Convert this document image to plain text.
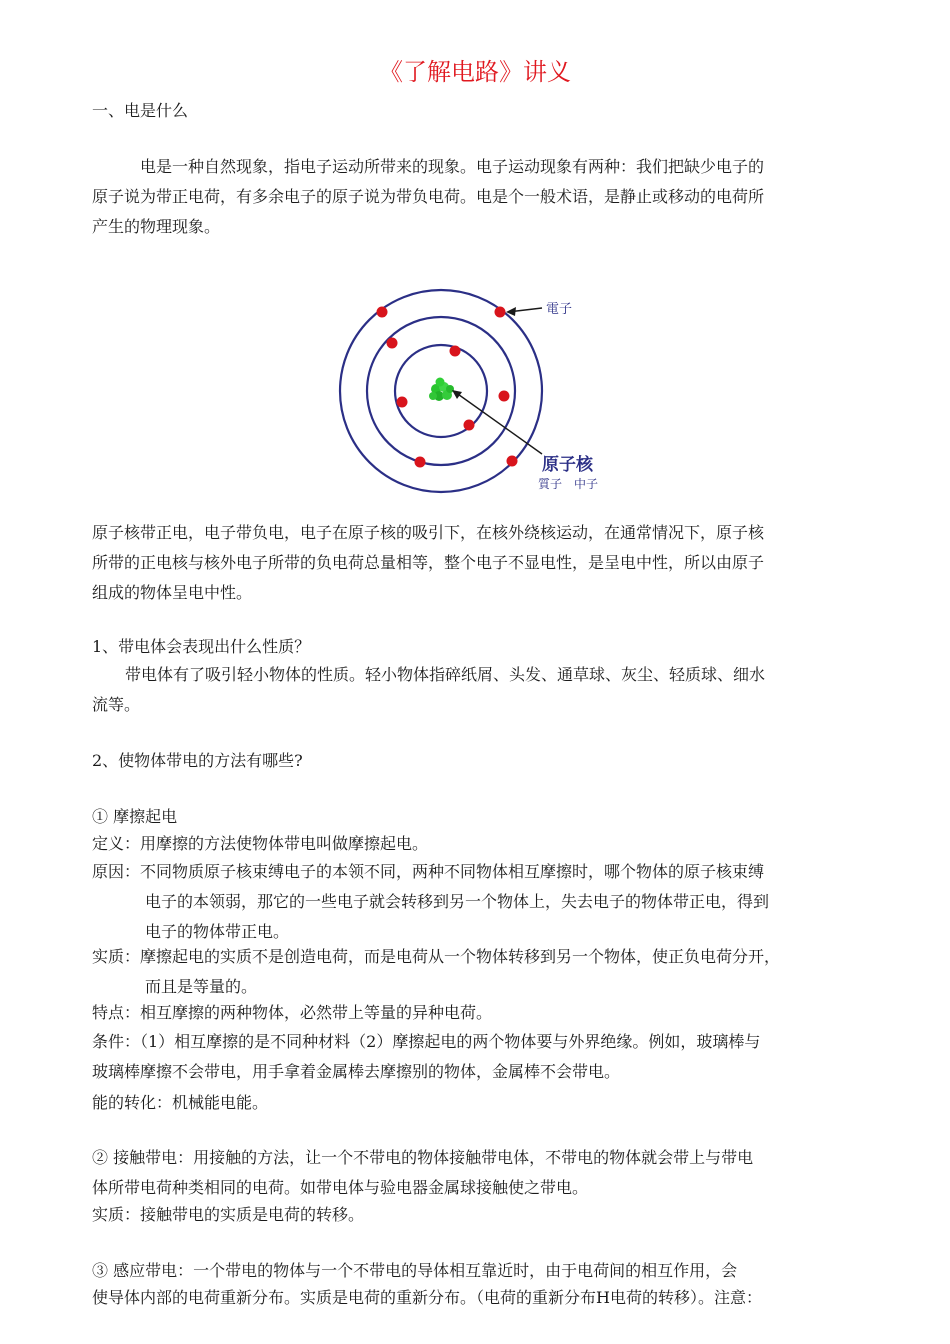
《了解电路》讲义
一、电是什么
电是一种自然现象，指电子运动所带来的现象。电子运动现象有两种：我们把缺少电子的
原子说为带正电荷，有多余电子的原子说为带负电荷。电是个一般术语，是静止或移动的电荷所
产生的物理现象。
電子
原子核
質子　中子
原子核带正电，电子带负电，电子在原子核的吸引下，在核外绕核运动，在通常情况下，原子核
所带的正电核与核外电子所带的负电荷总量相等，整个电子不显电性，是呈电中性，所以由原子
组成的物体呈电中性。
1、带电体会表现出什么性质？
带电体有了吸引轻小物体的性质。轻小物体指碎纸屑、头发、通草球、灰尘、轻质球、细水
流等。
2、使物体带电的方法有哪些?
① 摩擦起电
定义：用摩擦的方法使物体带电叫做摩擦起电。
原因：不同物质原子核束缚电子的本领不同，两种不同物体相互摩擦时，哪个物体的原子核束缚
电子的本领弱，那它的一些电子就会转移到另一个物体上，失去电子的物体带正电，得到
电子的物体带正电。
实质：摩擦起电的实质不是创造电荷，而是电荷从一个物体转移到另一个物体，使正负电荷分开，
而且是等量的。
特点：相互摩擦的两种物体，必然带上等量的异种电荷。
条件：（1）相互摩擦的是不同种材料（2）摩擦起电的两个物体要与外界绝缘。例如，玻璃棒与
玻璃棒摩擦不会带电，用手拿着金属棒去摩擦别的物体，金属棒不会带电。
能的转化：机械能电能。
② 接触带电：用接触的方法，让一个不带电的物体接触带电体，不带电的物体就会带上与带电
体所带电荷种类相同的电荷。如带电体与验电器金属球接触使之带电。
实质：接触带电的实质是电荷的转移。
③ 感应带电：一个带电的物体与一个不带电的导体相互靠近时，由于电荷间的相互作用，会
使导体内部的电荷重新分布。实质是电荷的重新分布。（电荷的重新分布H电荷的转移）。注意：
